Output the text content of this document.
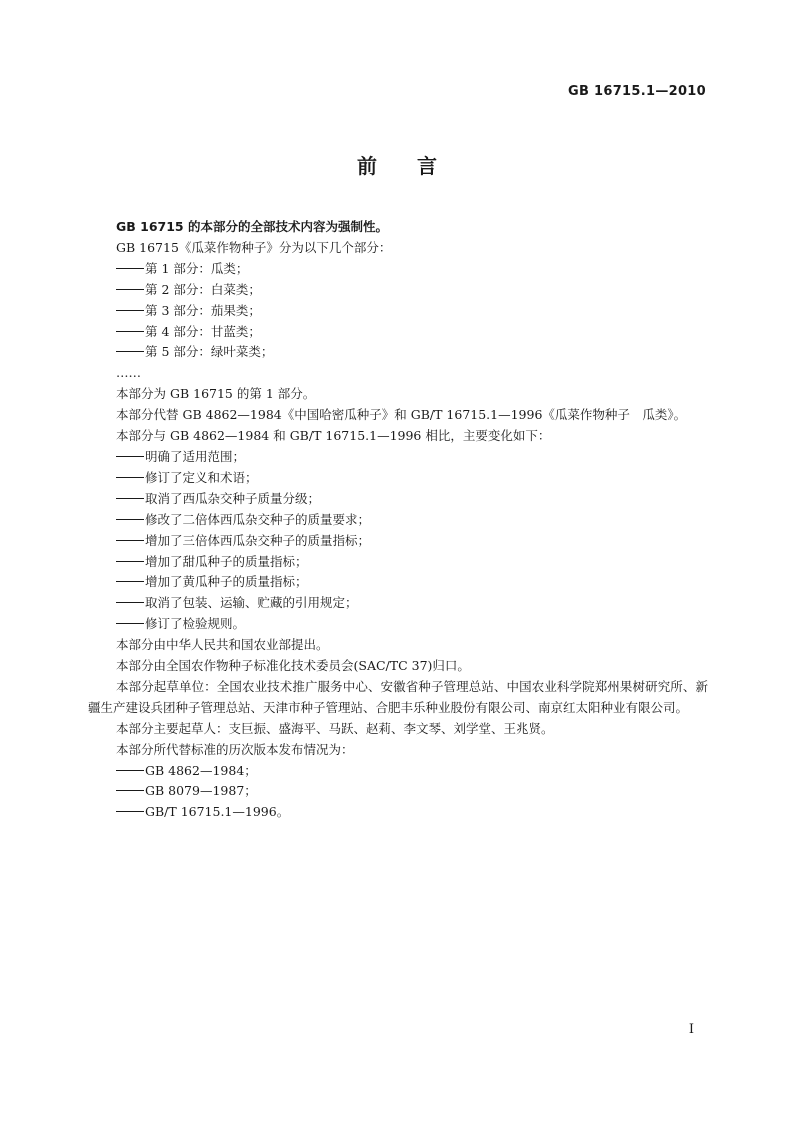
GB 16715.1—2010
前言

GB 16715 的本部分的全部技术内容为强制性。

GB 16715《瓜菜作物种子》分为以下几个部分：

第 1 部分：瓜类；

第 2 部分：白菜类；

第 3 部分：茄果类；

第 4 部分：甘蓝类；

第 5 部分：绿叶菜类；

……

本部分为 GB 16715 的第 1 部分。

本部分代替 GB 4862—1984《中国哈密瓜种子》和 GB/T 16715.1—1996《瓜菜作物种子　瓜类》。

本部分与 GB 4862—1984 和 GB/T 16715.1—1996 相比，主要变化如下：

明确了适用范围；

修订了定义和术语；

取消了西瓜杂交种子质量分级；

修改了二倍体西瓜杂交种子的质量要求；

增加了三倍体西瓜杂交种子的质量指标；

增加了甜瓜种子的质量指标；

增加了黄瓜种子的质量指标；

取消了包装、运输、贮藏的引用规定；

修订了检验规则。

本部分由中华人民共和国农业部提出。

本部分由全国农作物种子标准化技术委员会(SAC/TC 37)归口。

本部分起草单位：全国农业技术推广服务中心、安徽省种子管理总站、中国农业科学院郑州果树研究所、新疆生产建设兵团种子管理总站、天津市种子管理站、合肥丰乐种业股份有限公司、南京红太阳种业有限公司。

本部分主要起草人：支巨振、盛海平、马跃、赵莉、李文琴、刘学堂、王兆贤。

本部分所代替标准的历次版本发布情况为：

GB 4862—1984；

GB 8079—1987；

GB/T 16715.1—1996。

I
